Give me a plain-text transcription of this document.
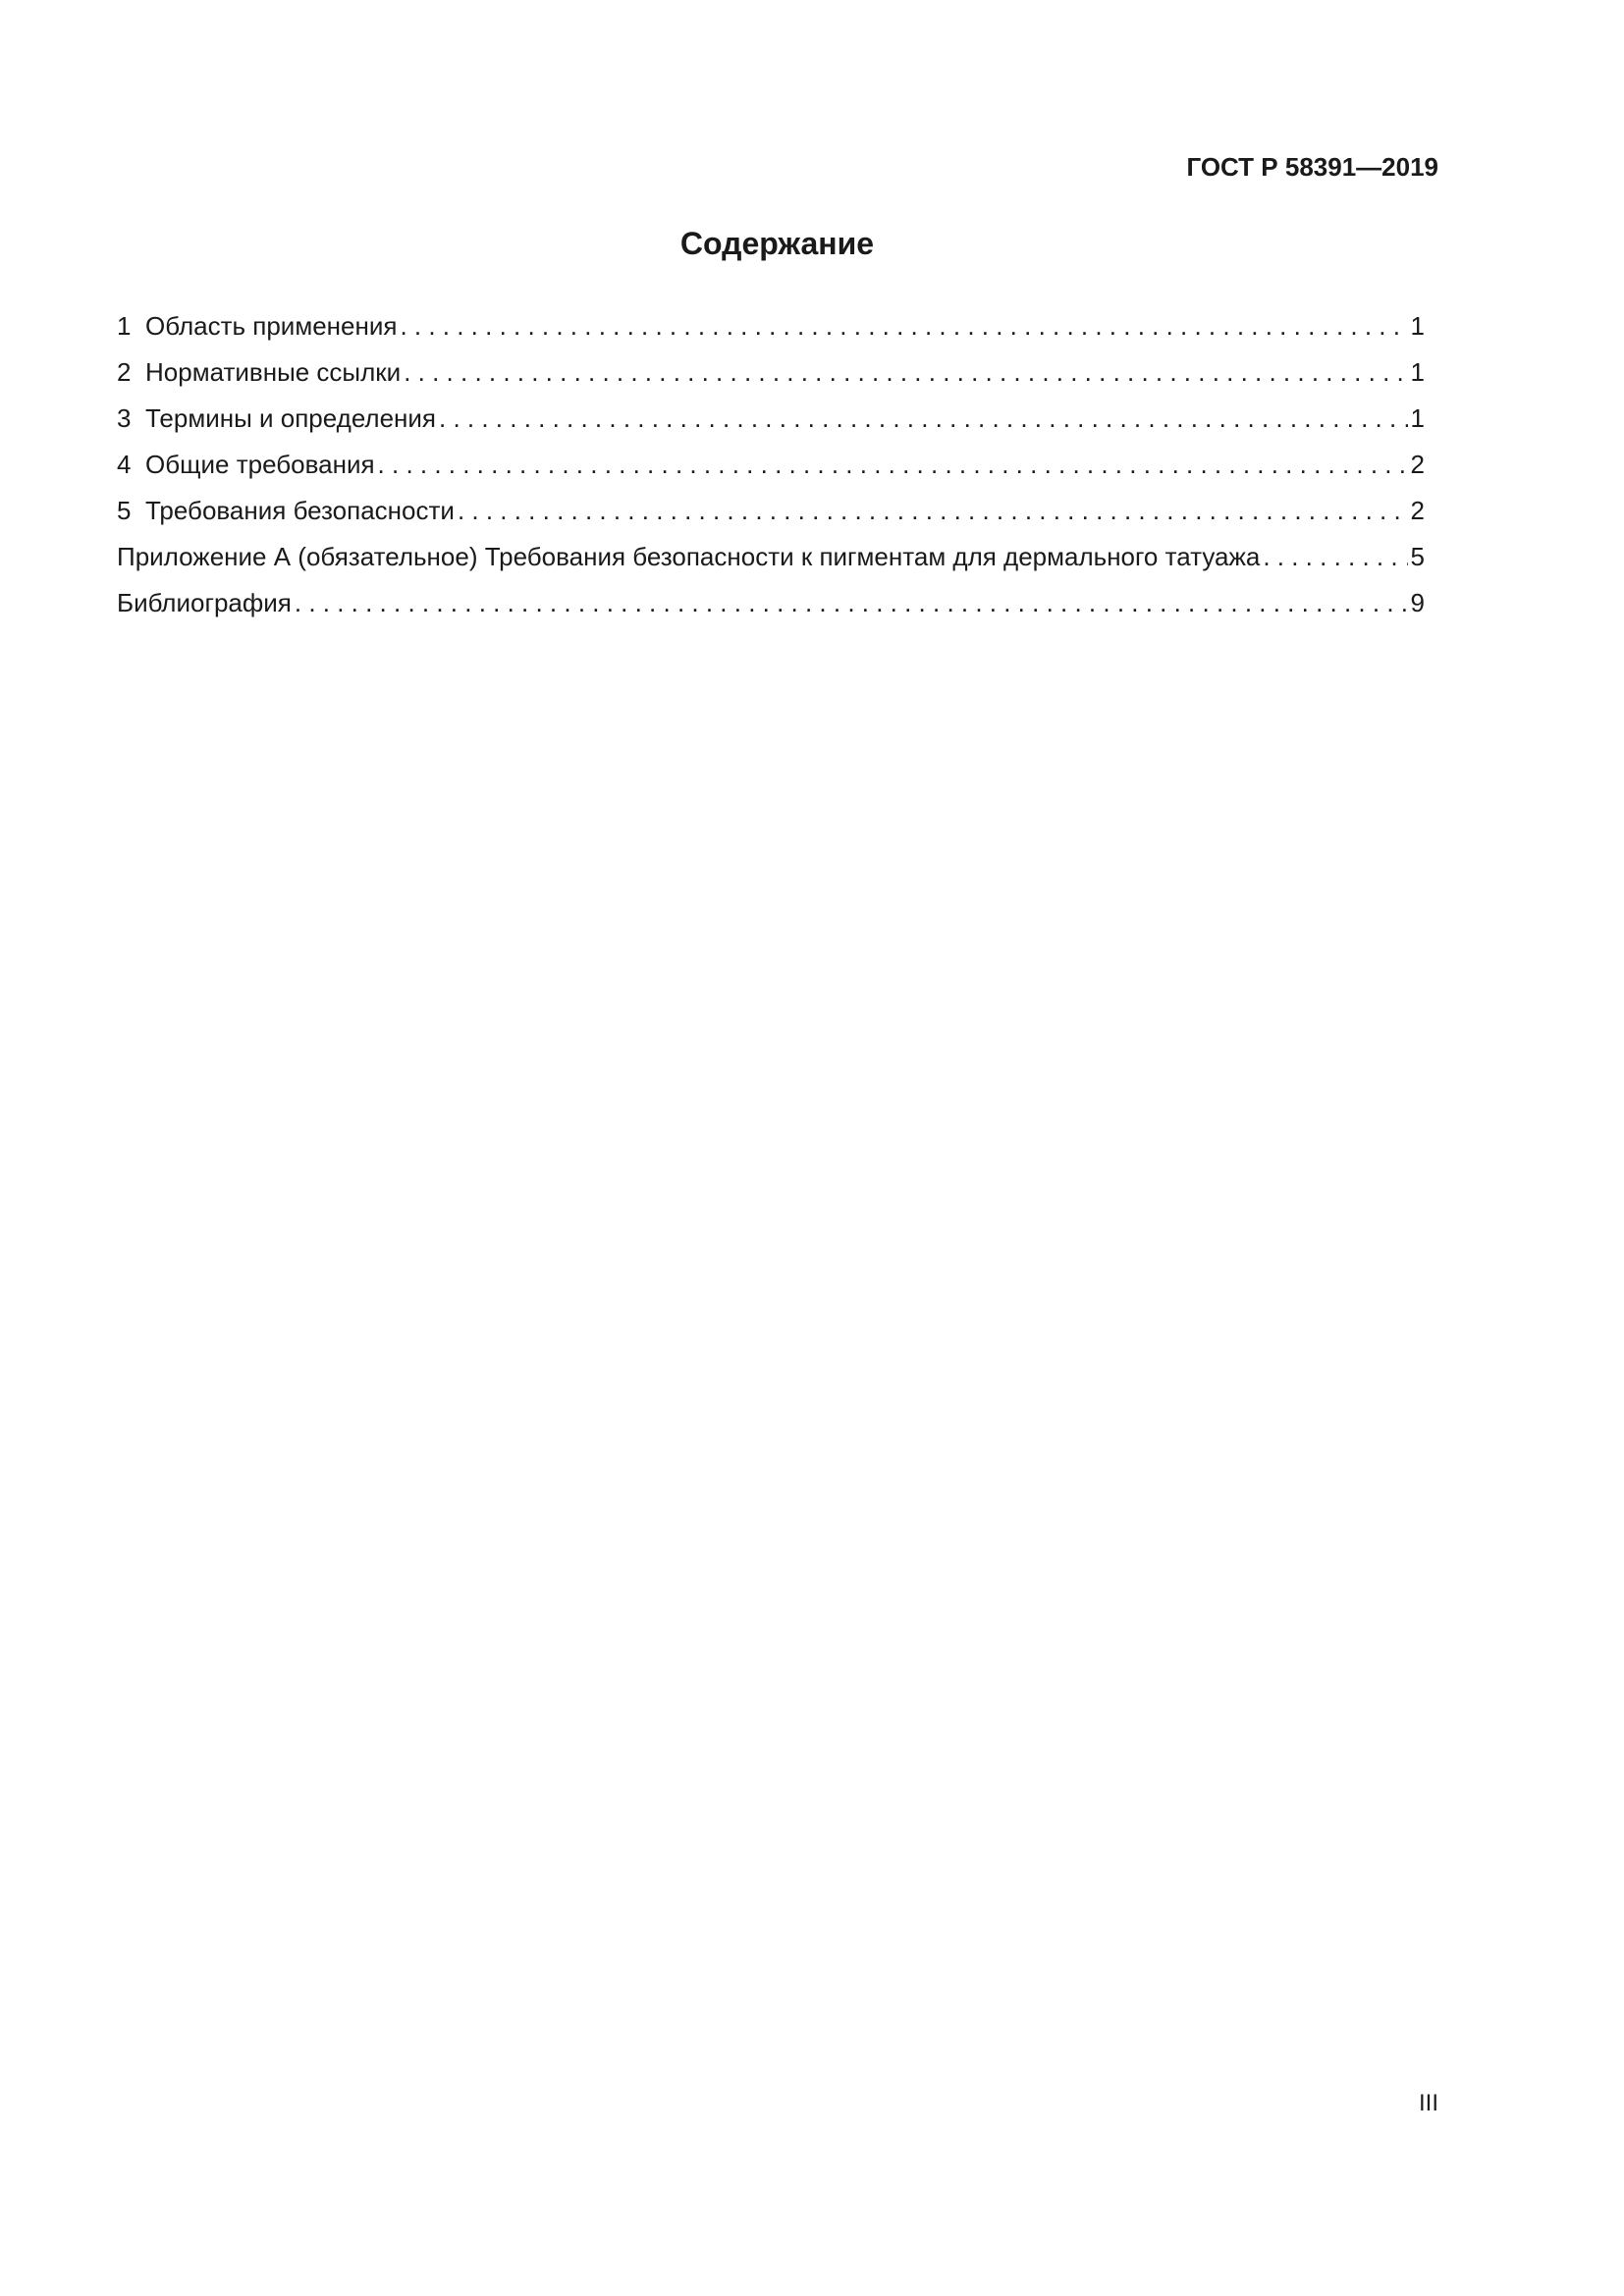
ГОСТ Р 58391—2019
Содержание
1 Область применения . . .	1
2 Нормативные ссылки . . .	1
3 Термины и определения . . .	1
4 Общие требования . . .	2
5 Требования безопасности . . .	2
Приложение А (обязательное) Требования безопасности к пигментам для дермального татуажа . . .	5
Библиография . . .	9
III
